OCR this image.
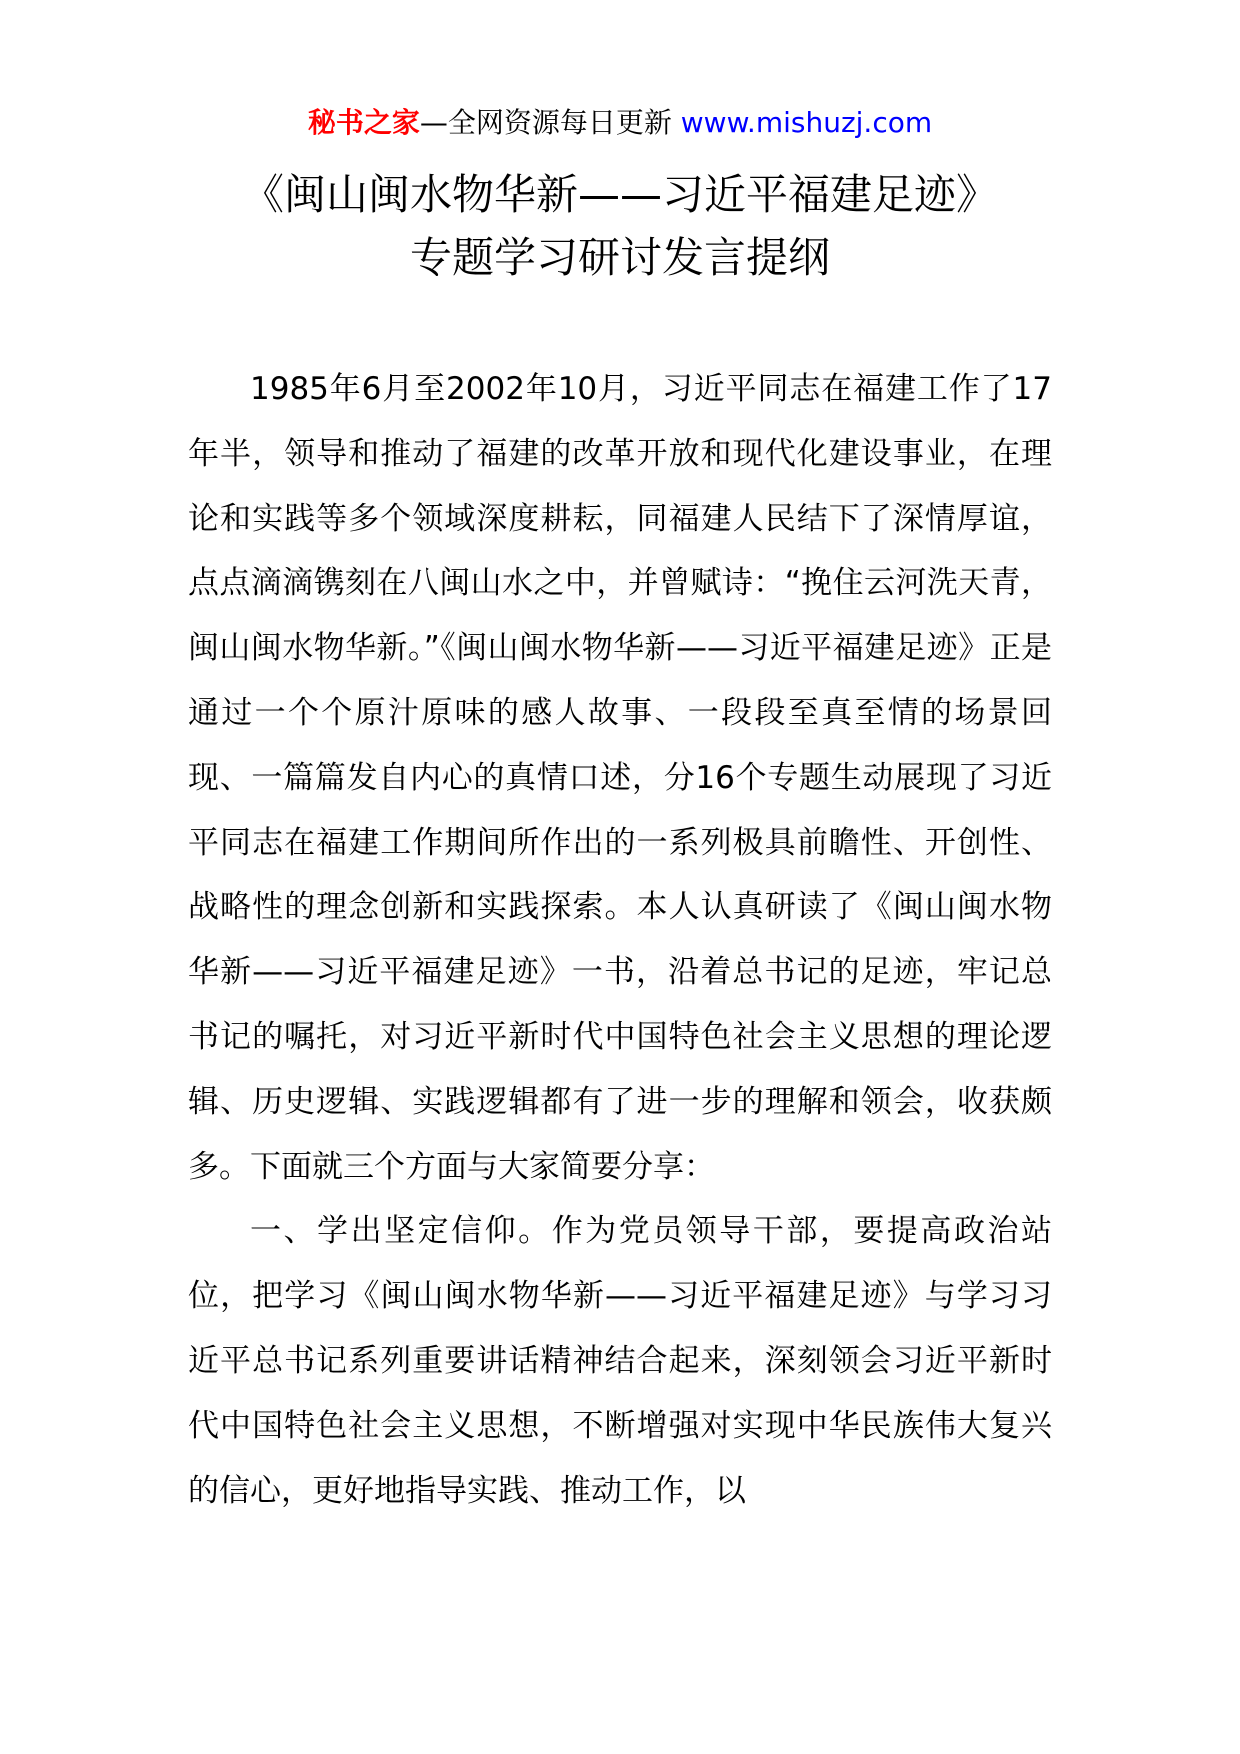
秘书之家—全网资源每日更新 www.mishuzj.com
《闽山闽水物华新——习近平福建足迹》
专题学习研讨发言提纲

1985年6月至2002年10月，习近平同志在福建工作了17年半，领导和推动了福建的改革开放和现代化建设事业，在理论和实践等多个领域深度耕耘，同福建人民结下了深情厚谊，点点滴滴镌刻在八闽山水之中，并曾赋诗：“挽住云河洗天青，闽山闽水物华新。”《闽山闽水物华新——习近平福建足迹》正是通过一个个原汁原味的感人故事、一段段至真至情的场景回现、一篇篇发自内心的真情口述，分16个专题生动展现了习近平同志在福建工作期间所作出的一系列极具前瞻性、开创性、战略性的理念创新和实践探索。本人认真研读了《闽山闽水物华新——习近平福建足迹》一书，沿着总书记的足迹，牢记总书记的嘱托，对习近平新时代中国特色社会主义思想的理论逻辑、历史逻辑、实践逻辑都有了进一步的理解和领会，收获颇多。下面就三个方面与大家简要分享：

一、学出坚定信仰。作为党员领导干部，要提高政治站位，把学习《闽山闽水物华新——习近平福建足迹》与学习习近平总书记系列重要讲话精神结合起来，深刻领会习近平新时代中国特色社会主义思想，不断增强对实现中华民族伟大复兴的信心，更好地指导实践、推动工作，以
